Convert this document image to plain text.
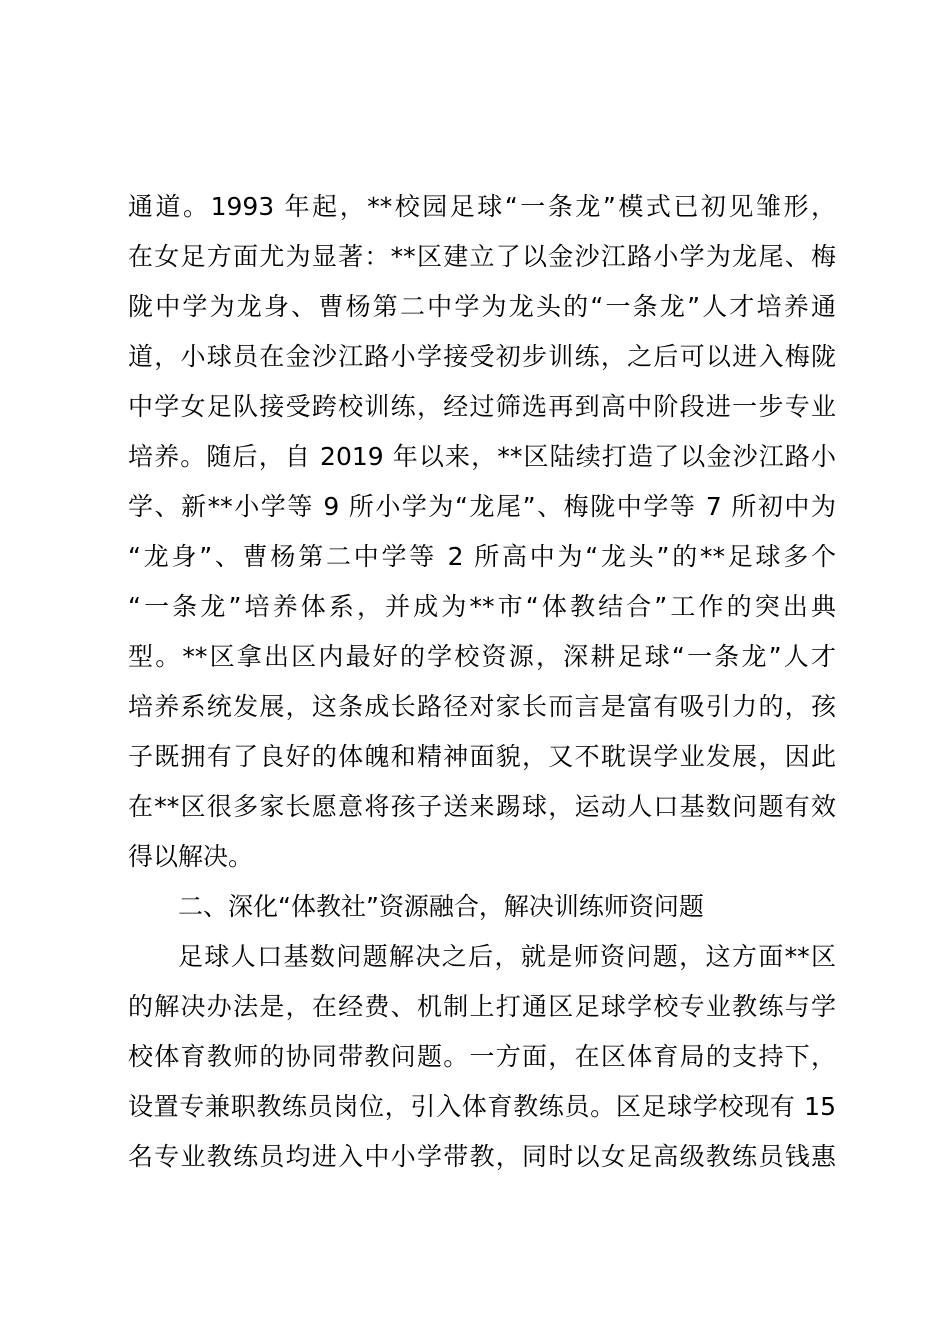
通道。1993 年起，**校园足球“一条龙”模式已初见雏形，
在女足方面尤为显著：**区建立了以金沙江路小学为龙尾、梅
陇中学为龙身、曹杨第二中学为龙头的“一条龙”人才培养通
道，小球员在金沙江路小学接受初步训练，之后可以进入梅陇
中学女足队接受跨校训练，经过筛选再到高中阶段进一步专业
培养。随后，自 2019 年以来，**区陆续打造了以金沙江路小
学、新**小学等 9 所小学为“龙尾”、梅陇中学等 7 所初中为
“龙身”、曹杨第二中学等 2 所高中为“龙头”的**足球多个
“一条龙”培养体系，并成为**市“体教结合”工作的突出典
型。**区拿出区内最好的学校资源，深耕足球“一条龙”人才
培养系统发展，这条成长路径对家长而言是富有吸引力的，孩
子既拥有了良好的体魄和精神面貌，又不耽误学业发展，因此
在**区很多家长愿意将孩子送来踢球，运动人口基数问题有效
得以解决。
二、深化“体教社”资源融合，解决训练师资问题
足球人口基数问题解决之后，就是师资问题，这方面**区
的解决办法是，在经费、机制上打通区足球学校专业教练与学
校体育教师的协同带教问题。一方面，在区体育局的支持下，
设置专兼职教练员岗位，引入体育教练员。区足球学校现有 15
名专业教练员均进入中小学带教，同时以女足高级教练员钱惠
